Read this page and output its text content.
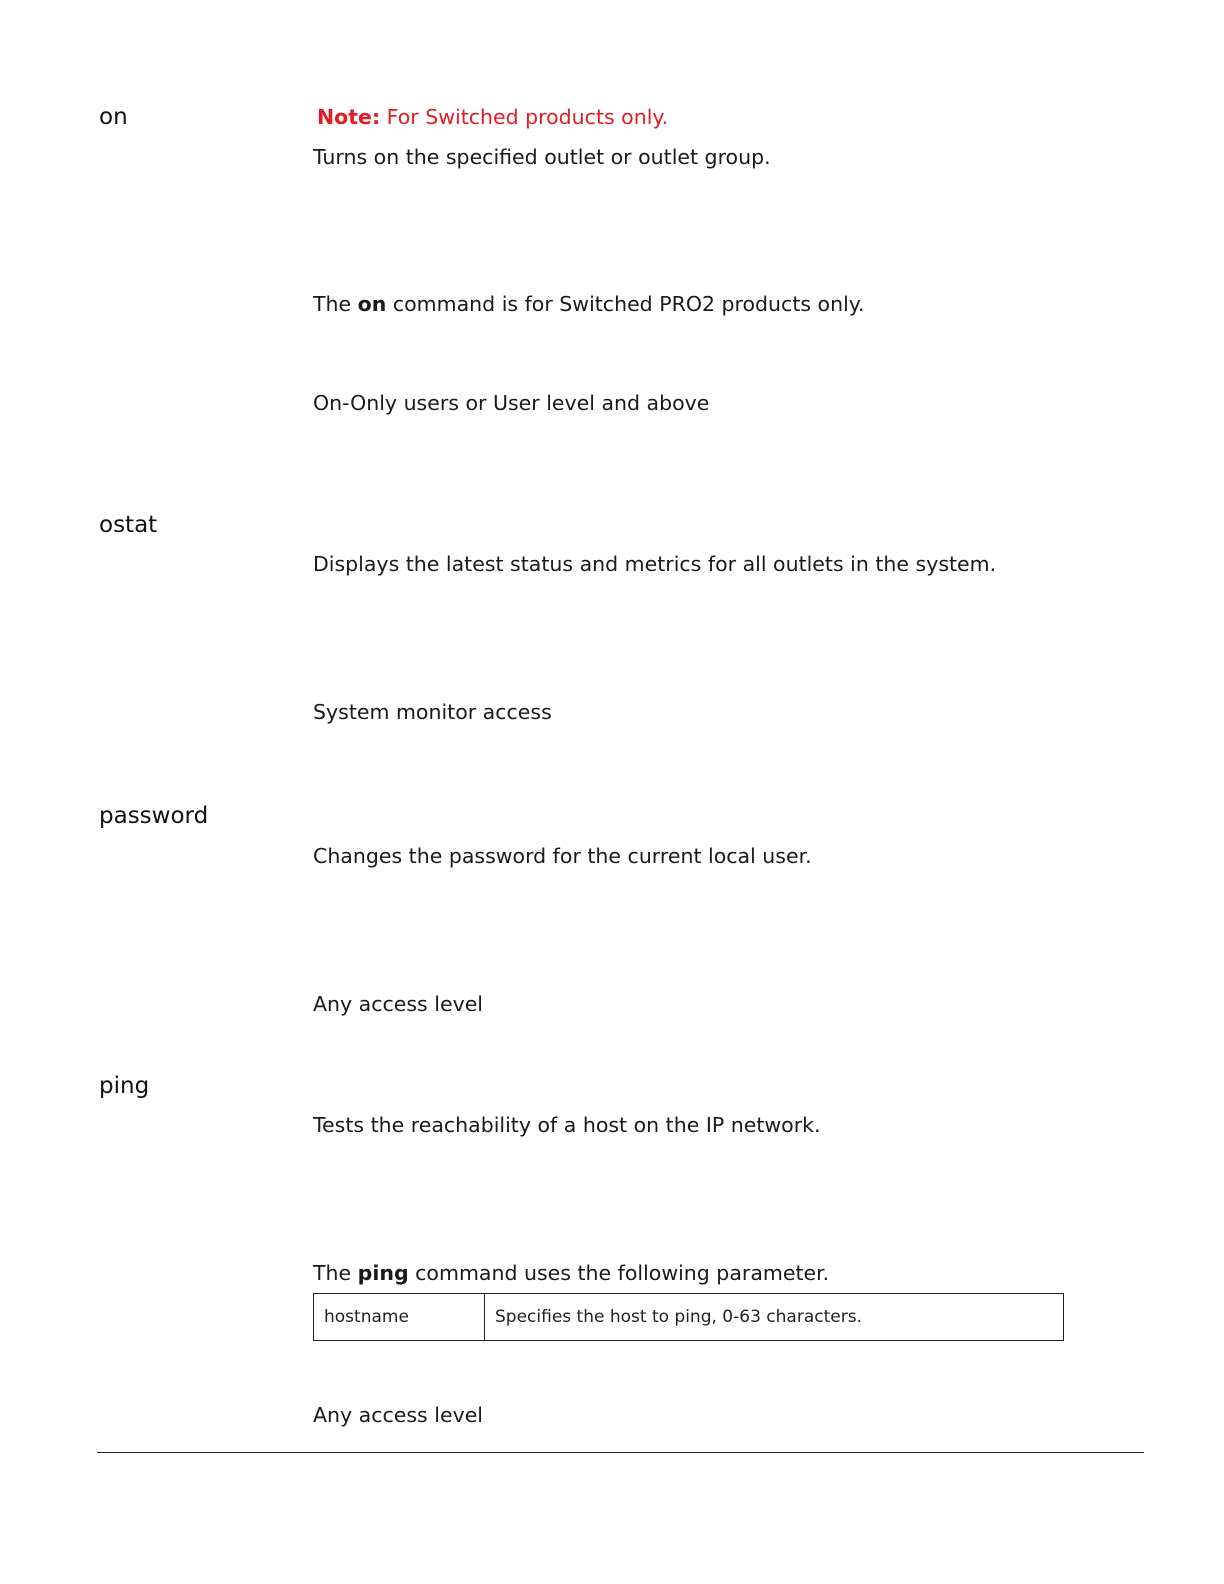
on	Note: For Switched products only.

Turns on the specified outlet or outlet group.

The on command is for Switched PRO2 products only.

On-Only users or User level and above

ostat

Displays the latest status and metrics for all outlets in the system.

System monitor access

password

Changes the password for the current local user.

Any access level

ping

Tests the reachability of a host on the IP network.

The ping command uses the following parameter.

hostname	Specifies the host to ping, 0-63 characters.

Any access level
